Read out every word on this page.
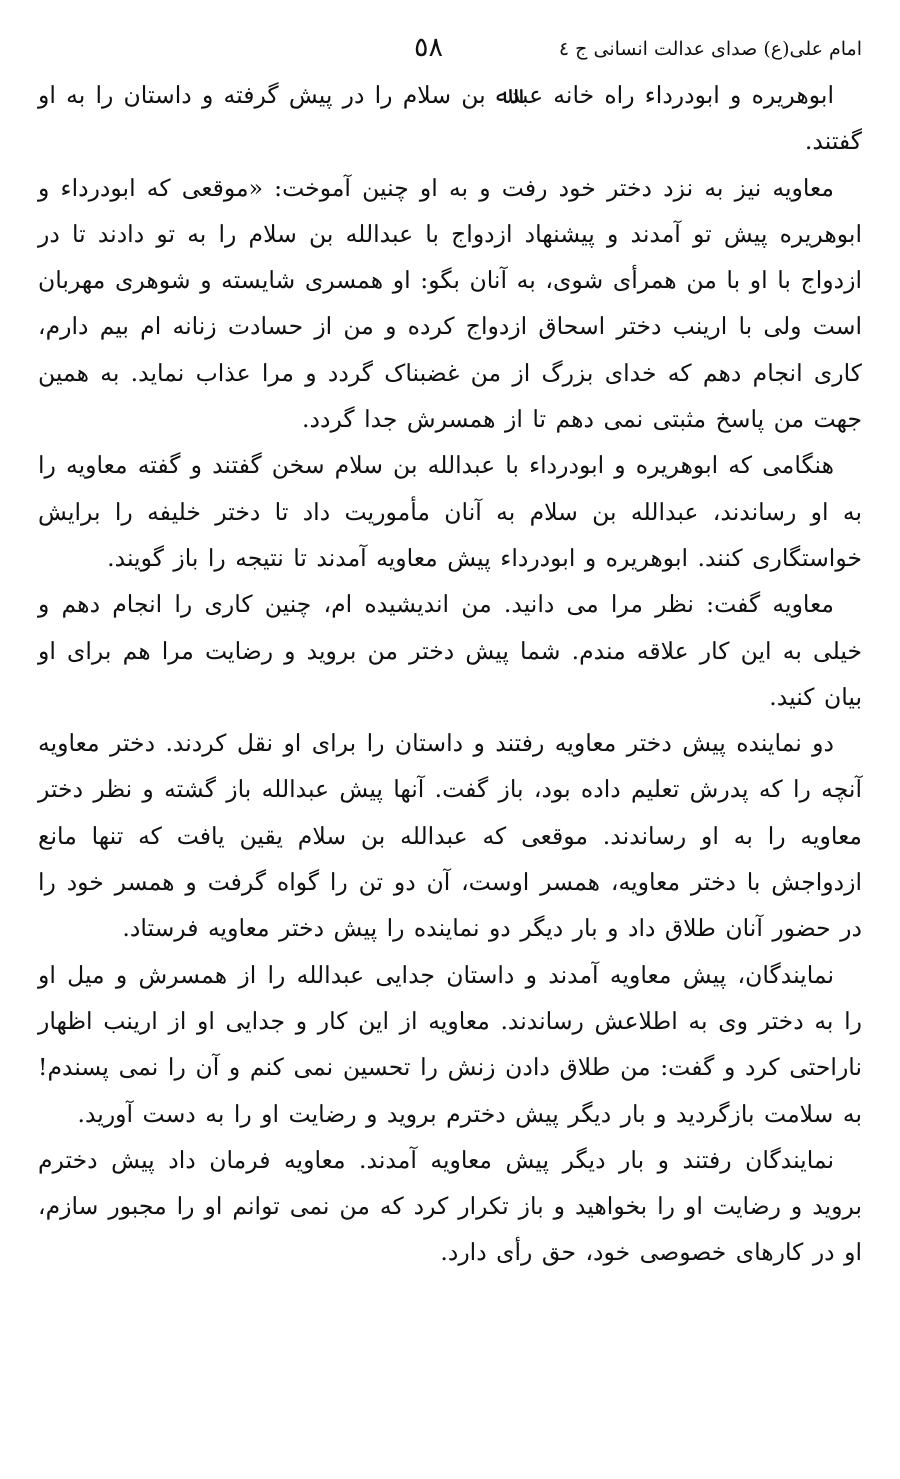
امام علی(ع) صدای عدالت انسانی ج ٤
٥٨

ابوهریره و ابودرداء راه خانه عبدﷲ بن سلام را در پیش گرفته و داستان را به او گفتند.

معاویه نیز به نزد دختر خود رفت و به او چنین آموخت: «موقعی که ابودرداء و ابوهریره پیش تو آمدند و پیشنهاد ازدواج با عبدالله بن سلام را به تو دادند تا در ازدواج با او با من همرأی شوی، به آنان بگو: او همسری شایسته و شوهری مهربان است ولی با ارینب دختر اسحاق ازدواج کرده و من از حسادت زنانه ام بیم دارم، کاری انجام دهم که خدای بزرگ از من غضبناک گردد و مرا عذاب نماید. به همین جهت من پاسخ مثبتی نمی دهم تا از همسرش جدا گردد.

هنگامی که ابوهریره و ابودرداء با عبدالله بن سلام سخن گفتند و گفته معاویه را به او رساندند، عبدالله بن سلام به آنان مأموریت داد تا دختر خلیفه را برایش خواستگاری کنند. ابوهریره و ابودرداء پیش معاویه آمدند تا نتیجه را باز گویند.

معاویه گفت: نظر مرا می دانید. من اندیشیده ام، چنین کاری را انجام دهم و خیلی به این کار علاقه مندم. شما پیش دختر من بروید و رضایت مرا هم برای او بیان کنید.

دو نماینده پیش دختر معاویه رفتند و داستان را برای او نقل کردند. دختر معاویه آنچه را که پدرش تعلیم داده بود، باز گفت. آنها پیش عبدالله باز گشته و نظر دختر معاویه را به او رساندند. موقعی که عبدالله بن سلام یقین یافت که تنها مانع ازدواجش با دختر معاویه، همسر اوست، آن دو تن را گواه گرفت و همسر خود را در حضور آنان طلاق داد و بار دیگر دو نماینده را پیش دختر معاویه فرستاد.

نمایندگان، پیش معاویه آمدند و داستان جدایی عبدالله را از همسرش و میل او را به دختر وی به اطلاعش رساندند. معاویه از این کار و جدایی او از ارینب اظهار ناراحتی کرد و گفت: من طلاق دادن زنش را تحسین نمی کنم و آن را نمی پسندم! به سلامت بازگردید و بار دیگر پیش دخترم بروید و رضایت او را به دست آورید.

نمایندگان رفتند و بار دیگر پیش معاویه آمدند. معاویه فرمان داد پیش دخترم بروید و رضایت او را بخواهید و باز تکرار کرد که من نمی توانم او را مجبور سازم، او در کارهای خصوصی خود، حق رأی دارد.
